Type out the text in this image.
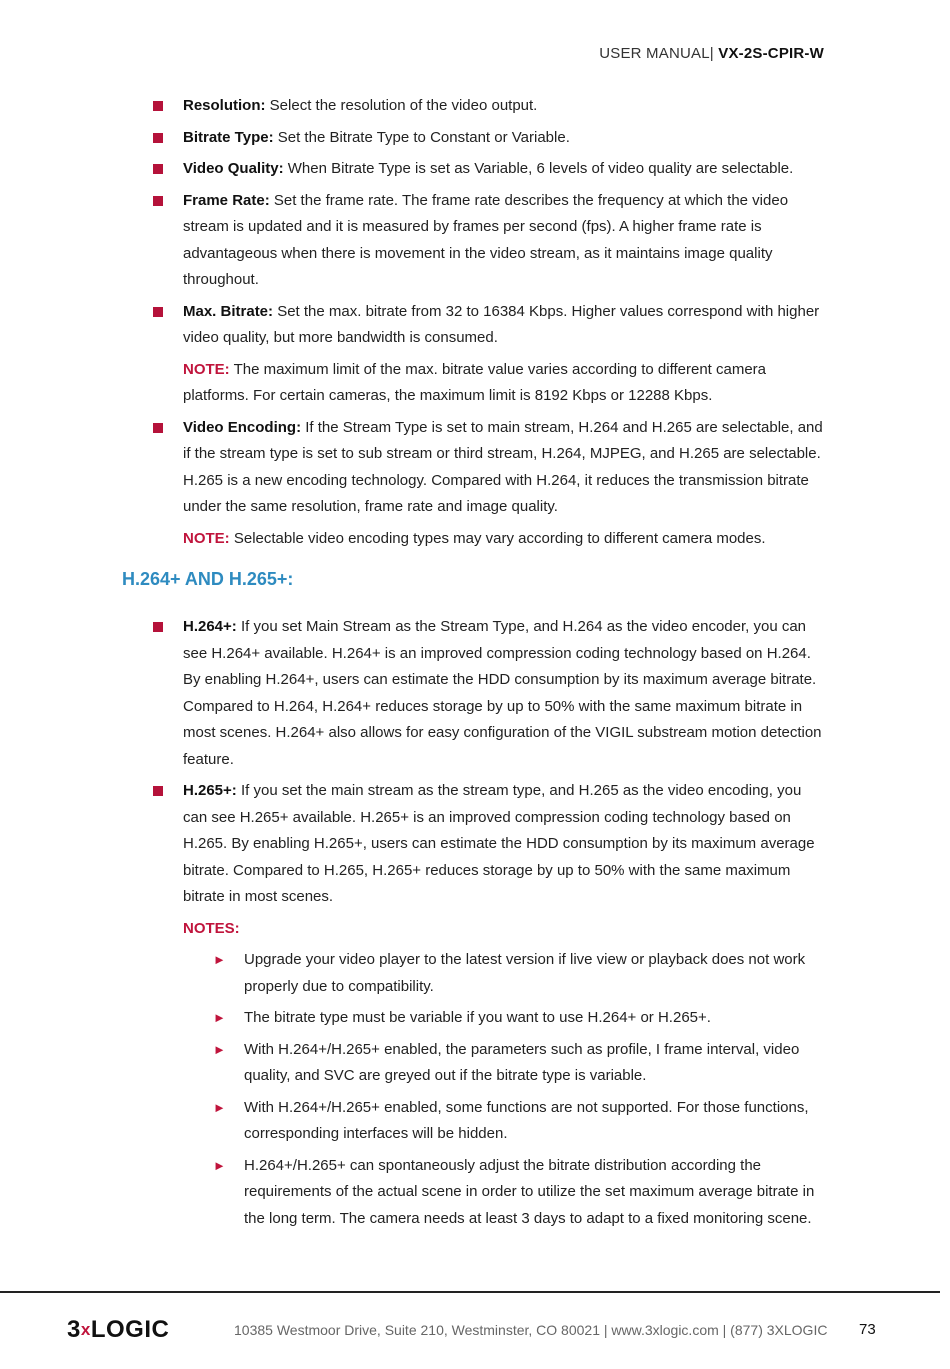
USER MANUAL| VX-2S-CPIR-W
Resolution: Select the resolution of the video output.
Bitrate Type: Set the Bitrate Type to Constant or Variable.
Video Quality: When Bitrate Type is set as Variable, 6 levels of video quality are selectable.
Frame Rate: Set the frame rate. The frame rate describes the frequency at which the video stream is updated and it is measured by frames per second (fps). A higher frame rate is advantageous when there is movement in the video stream, as it maintains image quality throughout.
Max. Bitrate: Set the max. bitrate from 32 to 16384 Kbps. Higher values correspond with higher video quality, but more bandwidth is consumed.
NOTE: The maximum limit of the max. bitrate value varies according to different camera platforms. For certain cameras, the maximum limit is 8192 Kbps or 12288 Kbps.
Video Encoding: If the Stream Type is set to main stream, H.264 and H.265 are selectable, and if the stream type is set to sub stream or third stream, H.264, MJPEG, and H.265 are selectable. H.265 is a new encoding technology. Compared with H.264, it reduces the transmission bitrate under the same resolution, frame rate and image quality.
NOTE: Selectable video encoding types may vary according to different camera modes.
H.264+ AND H.265+:
H.264+: If you set Main Stream as the Stream Type, and H.264 as the video encoder, you can see H.264+ available. H.264+ is an improved compression coding technology based on H.264. By enabling H.264+, users can estimate the HDD consumption by its maximum average bitrate. Compared to H.264, H.264+ reduces storage by up to 50% with the same maximum bitrate in most scenes. H.264+ also allows for easy configuration of the VIGIL substream motion detection feature.
H.265+: If you set the main stream as the stream type, and H.265 as the video encoding, you can see H.265+ available. H.265+ is an improved compression coding technology based on H.265. By enabling H.265+, users can estimate the HDD consumption by its maximum average bitrate. Compared to H.265, H.265+ reduces storage by up to 50% with the same maximum bitrate in most scenes.
NOTES:
► Upgrade your video player to the latest version if live view or playback does not work properly due to compatibility.
► The bitrate type must be variable if you want to use H.264+ or H.265+.
► With H.264+/H.265+ enabled, the parameters such as profile, I frame interval, video quality, and SVC are greyed out if the bitrate type is variable.
► With H.264+/H.265+ enabled, some functions are not supported. For those functions, corresponding interfaces will be hidden.
► H.264+/H.265+ can spontaneously adjust the bitrate distribution according the requirements of the actual scene in order to utilize the set maximum average bitrate in the long term. The camera needs at least 3 days to adapt to a fixed monitoring scene.
3xLOGIC	10385 Westmoor Drive, Suite 210, Westminster, CO 80021 | www.3xlogic.com | (877) 3XLOGIC 73
